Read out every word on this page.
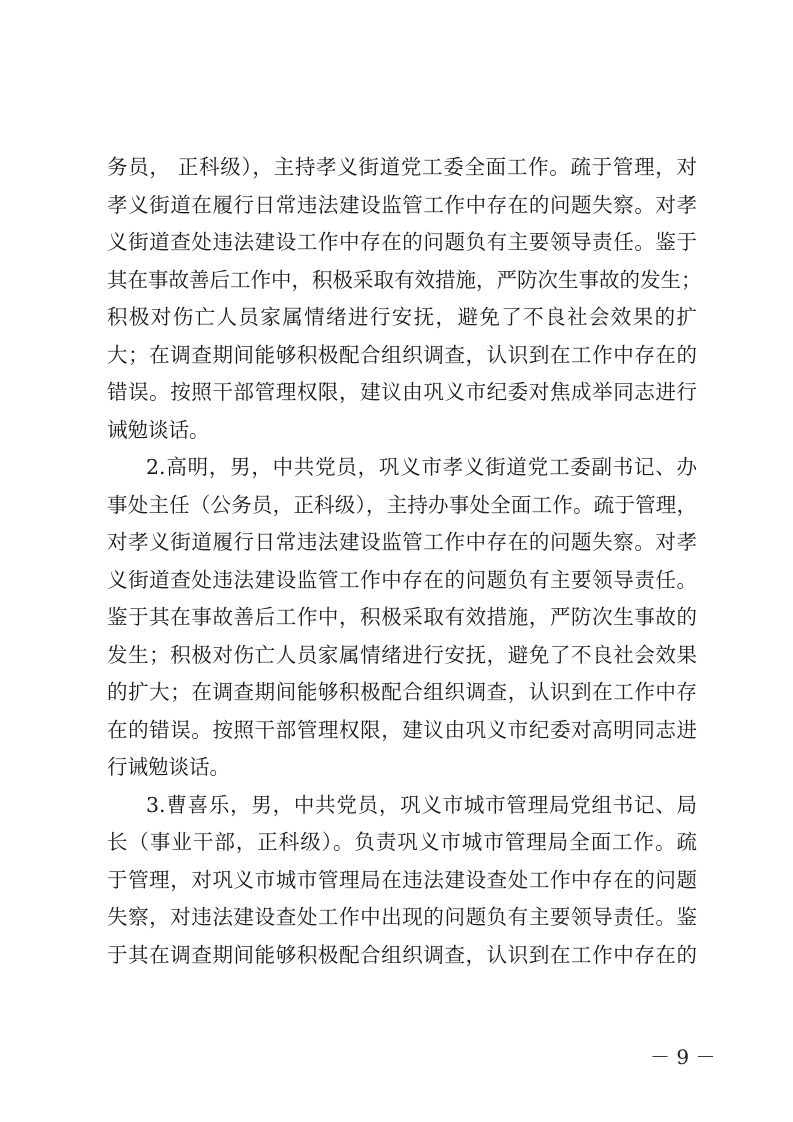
务员， 正科级），主持孝义街道党工委全面工作。疏于管理，对
孝义街道在履行日常违法建设监管工作中存在的问题失察。对孝
义街道查处违法建设工作中存在的问题负有主要领导责任。鉴于
其在事故善后工作中，积极采取有效措施，严防次生事故的发生；
积极对伤亡人员家属情绪进行安抚，避免了不良社会效果的扩
大；在调查期间能够积极配合组织调查，认识到在工作中存在的
错误。按照干部管理权限，建议由巩义市纪委对焦成举同志进行
诫勉谈话。
2.高明，男，中共党员，巩义市孝义街道党工委副书记、办
事处主任（公务员，正科级），主持办事处全面工作。疏于管理，
对孝义街道履行日常违法建设监管工作中存在的问题失察。对孝
义街道查处违法建设监管工作中存在的问题负有主要领导责任。
鉴于其在事故善后工作中，积极采取有效措施，严防次生事故的
发生；积极对伤亡人员家属情绪进行安抚，避免了不良社会效果
的扩大；在调查期间能够积极配合组织调查，认识到在工作中存
在的错误。按照干部管理权限，建议由巩义市纪委对高明同志进
行诫勉谈话。
3.曹喜乐，男，中共党员，巩义市城市管理局党组书记、局
长（事业干部，正科级）。负责巩义市城市管理局全面工作。疏
于管理，对巩义市城市管理局在违法建设查处工作中存在的问题
失察，对违法建设查处工作中出现的问题负有主要领导责任。鉴
于其在调查期间能够积极配合组织调查，认识到在工作中存在的
－ 9 －
